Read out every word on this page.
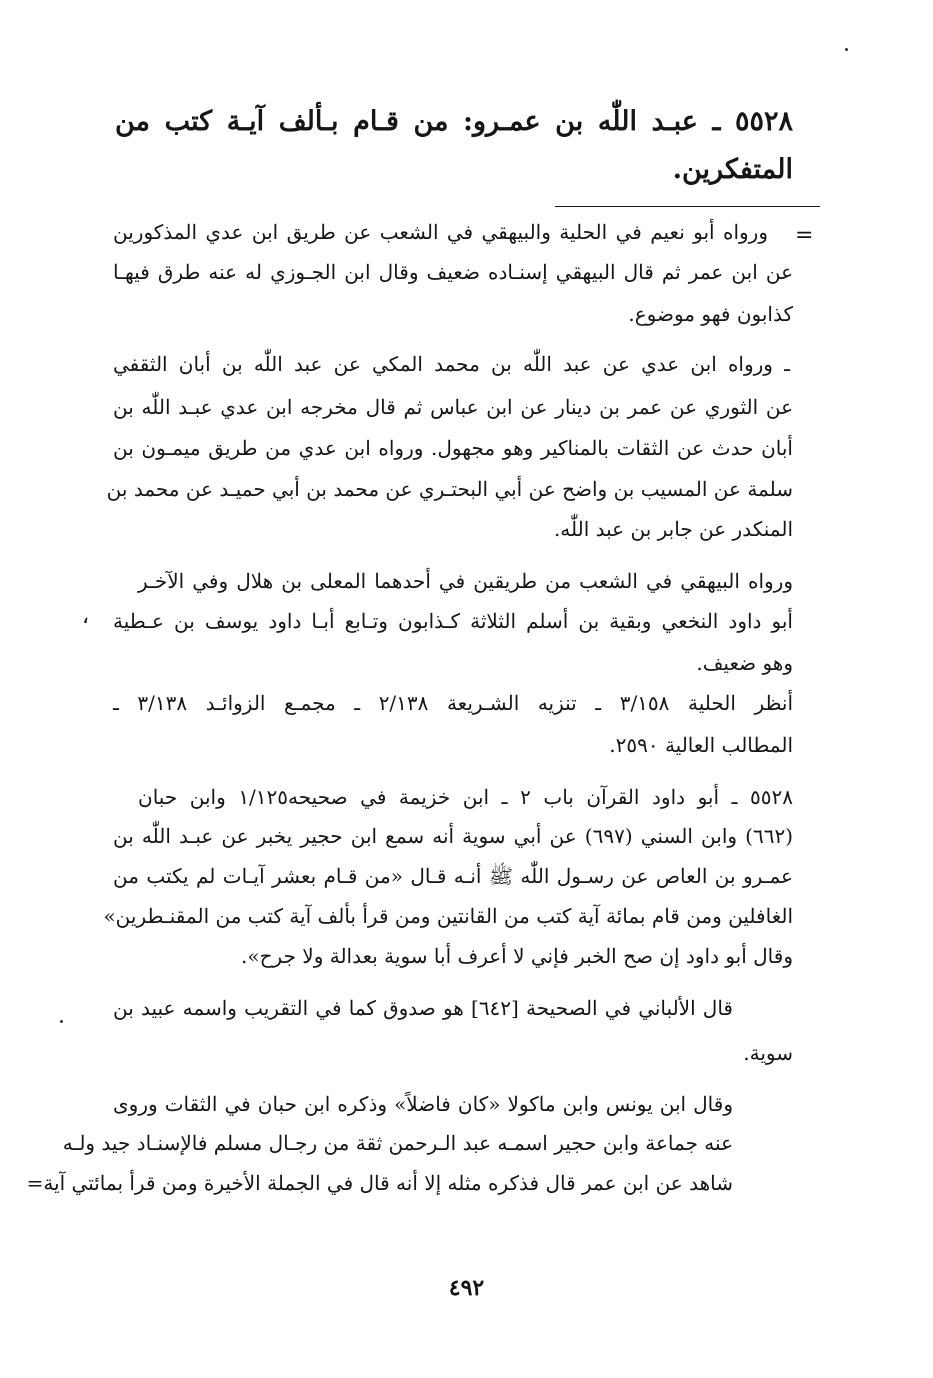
٥٥٢٨ ـ عبـد اللّٰه بن عمـرو: من قـام بـألف آيـة كتب من
المتفكرين.
=
،
ورواه أبو نعيم في الحلية والبيهقي في الشعب عن طريق ابن عدي المذكورين
عن ابن عمر ثم قال البيهقي إسنـاده ضعيف وقال ابن الجـوزي له عنه طرق فيهـا
كذابون فهو موضوع.
ـ ورواه ابن عدي عن عبد اللّٰه بن محمد المكي عن عبد اللّٰه بن أبان الثقفي
عن الثوري عن عمر بن دينار عن ابن عباس ثم قال مخرجه ابن عدي عبـد اللّٰه بن
أبان حدث عن الثقات بالمناكير وهو مجهول. ورواه ابن عدي من طريق ميمـون بن
سلمة عن المسيب بن واضح عن أبي البحتـري عن محمد بن أبي حميـد عن محمد بن
المنكدر عن جابر بن عبد اللّٰه.
ورواه البيهقي في الشعب من طريقين في أحدهما المعلى بن هلال وفي الآخـر
أبو داود النخعي وبقية بن أسلم الثلاثة كـذابون وتـابع أبـا داود يوسف بن عـطية
وهو ضعيف.
أنظر الحلية ٣/١٥٨ ـ تنزيه الشـريعة ٢/١٣٨ ـ مجمـع الزوائـد ٣/١٣٨ ـ
المطالب العالية ٢٥٩٠.
٥٥٢٨ ـ أبو داود القرآن باب ٢ ـ ابن خزيمة في صحيحه١/١٢٥ وابن حبان
(٦٦٢) وابن السني (٦٩٧) عن أبي سوية أنه سمع ابن حجير يخبر عن عبـد اللّٰه بن
عمـرو بن العاص عن رسـول اللّٰه ﷺ أنـه قـال «من قـام بعشر آيـات لم يكتب من
الغافلين ومن قام بمائة آية كتب من القانتين ومن قرأ بألف آية كتب من المقنـطرين»
وقال أبو داود إن صح الخبر فإني لا أعرف أبا سوية بعدالة ولا جرح».
قال الألباني في الصحيحة [٦٤٢] هو صدوق كما في التقريب واسمه عبيد بن
سوية.
وقال ابن يونس وابن ماكولا «كان فاضلاً» وذكره ابن حبان في الثقات وروى
عنه جماعة وابن حجير اسمـه عبد الـرحمن ثقة من رجـال مسلم فالإسنـاد جيد ولـه
شاهد عن ابن عمر قال فذكره مثله إلا أنه قال في الجملة الأخيرة ومن قرأ بمائتي آية=
٤٩٢
